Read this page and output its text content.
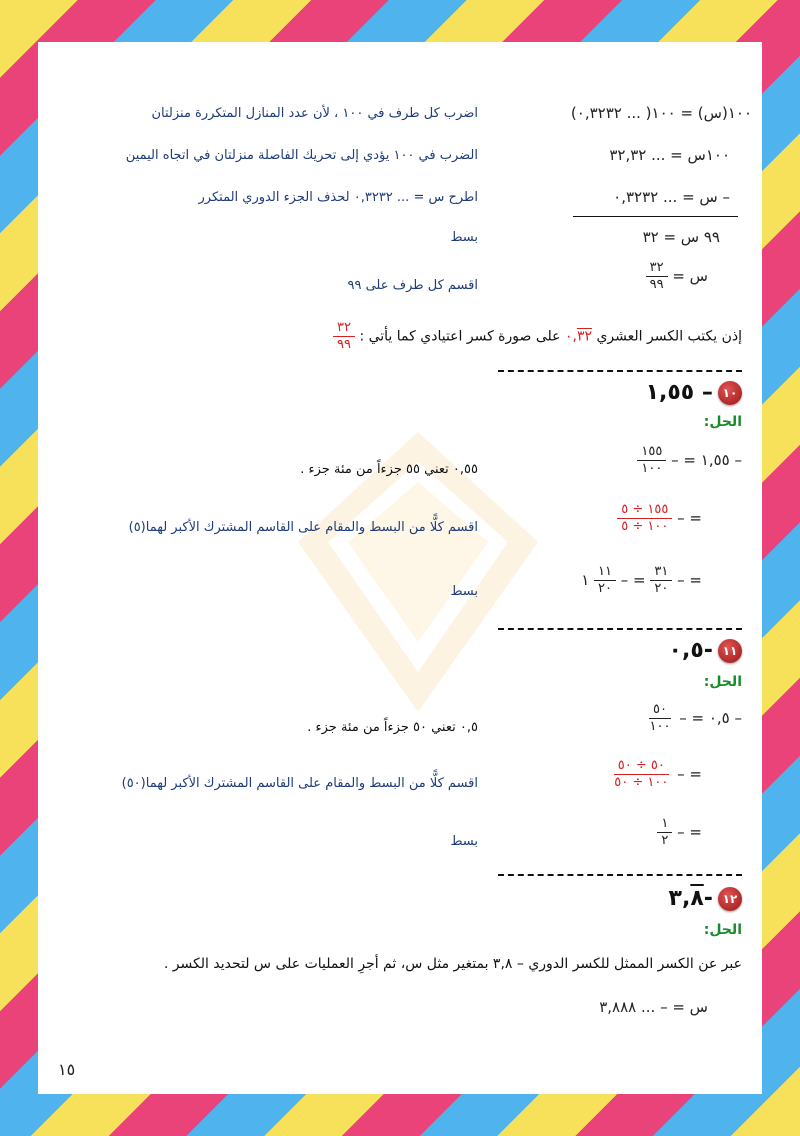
١٠٠(س) = ١٠٠( ... ٠,٣٢٣٢)
اضرب كل طرف في ١٠٠ ، لأن عدد المنازل المتكررة منزلتان
١٠٠س = ... ٣٢,٣٢
الضرب في ١٠٠ يؤدي إلى تحريك الفاصلة منزلتان في اتجاه اليمين
– س = ... ٠,٣٢٣٢
اطرح س = ... ٠,٣٢٣٢ لحذف الجزء الدوري المتكرر
٩٩ س = ٣٢
بسط
س =
$\frac{٣٢}{٩٩}$
اقسم كل طرف على ٩٩
إذن يكتب الكسر العشري ٠,٣٢ على صورة كسر اعتيادي كما يأتي :
$\frac{٣٢}{٩٩}$
١٠ – ١,٥٥
الحل:
– ١,٥٥ = –
$\frac{١٥٥}{١٠٠}$
٠,٥٥ تعني ٥٥ جزءاً من مئة جزء .
= –
$\frac{١٥٥ \div ٥}{١٠٠ \div ٥}$
اقسم كلًّا من البسط والمقام على القاسم المشترك الأكبر لهما(٥)
= –
$\frac{٣١}{٢٠}$
= –
$\frac{١١}{٢٠}$
١
بسط
١١ -٠,٥
الحل:
– ٠,٥ = –
$\frac{٥٠}{١٠٠}$
٠,٥ تعني ٥٠ جزءاً من مئة جزء .
= –
$\frac{٥٠ \div ٥٠}{١٠٠ \div ٥٠}$
اقسم كلًّا من البسط والمقام على القاسم المشترك الأكبر لهما(٥٠)
= –
$\frac{١}{٢}$
بسط
١٢ -٣,٨
الحل:
عبر عن الكسر الممثل للكسر الدوري – ٣,٨ بمتغير مثل س، ثم أجرِ العمليات على س لتحديد الكسر .
س = – ... ٣,٨٨٨
١٥
